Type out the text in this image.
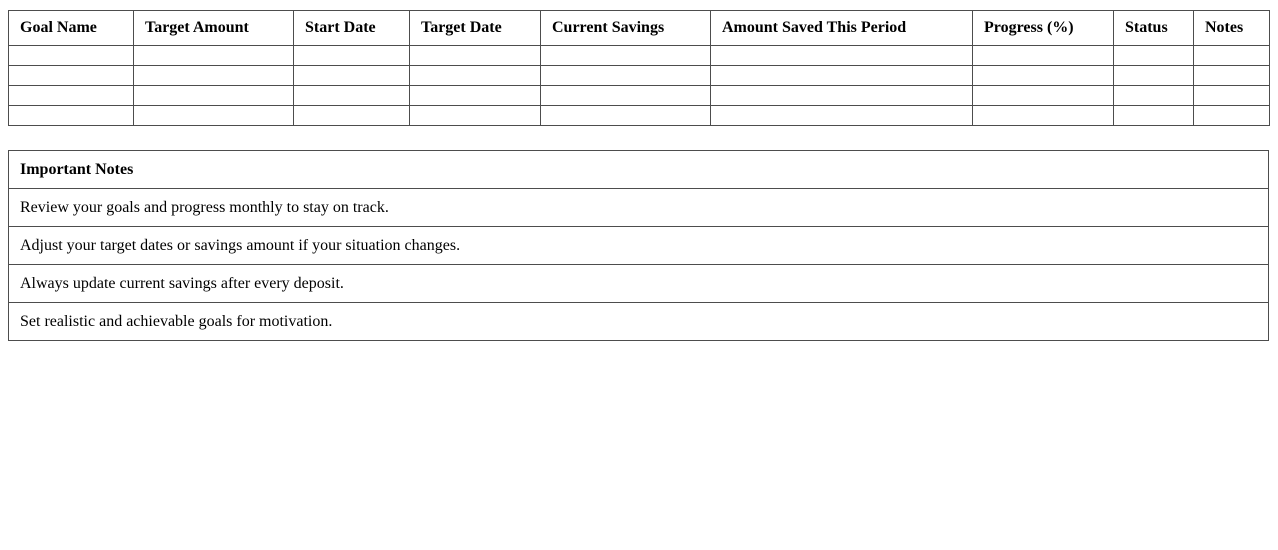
Goal Name	Target Amount	Start Date	Target Date	Current Savings	Amount Saved This Period	Progress (%)	Status	Notes

Important Notes
Review your goals and progress monthly to stay on track.
Adjust your target dates or savings amount if your situation changes.
Always update current savings after every deposit.
Set realistic and achievable goals for motivation.
